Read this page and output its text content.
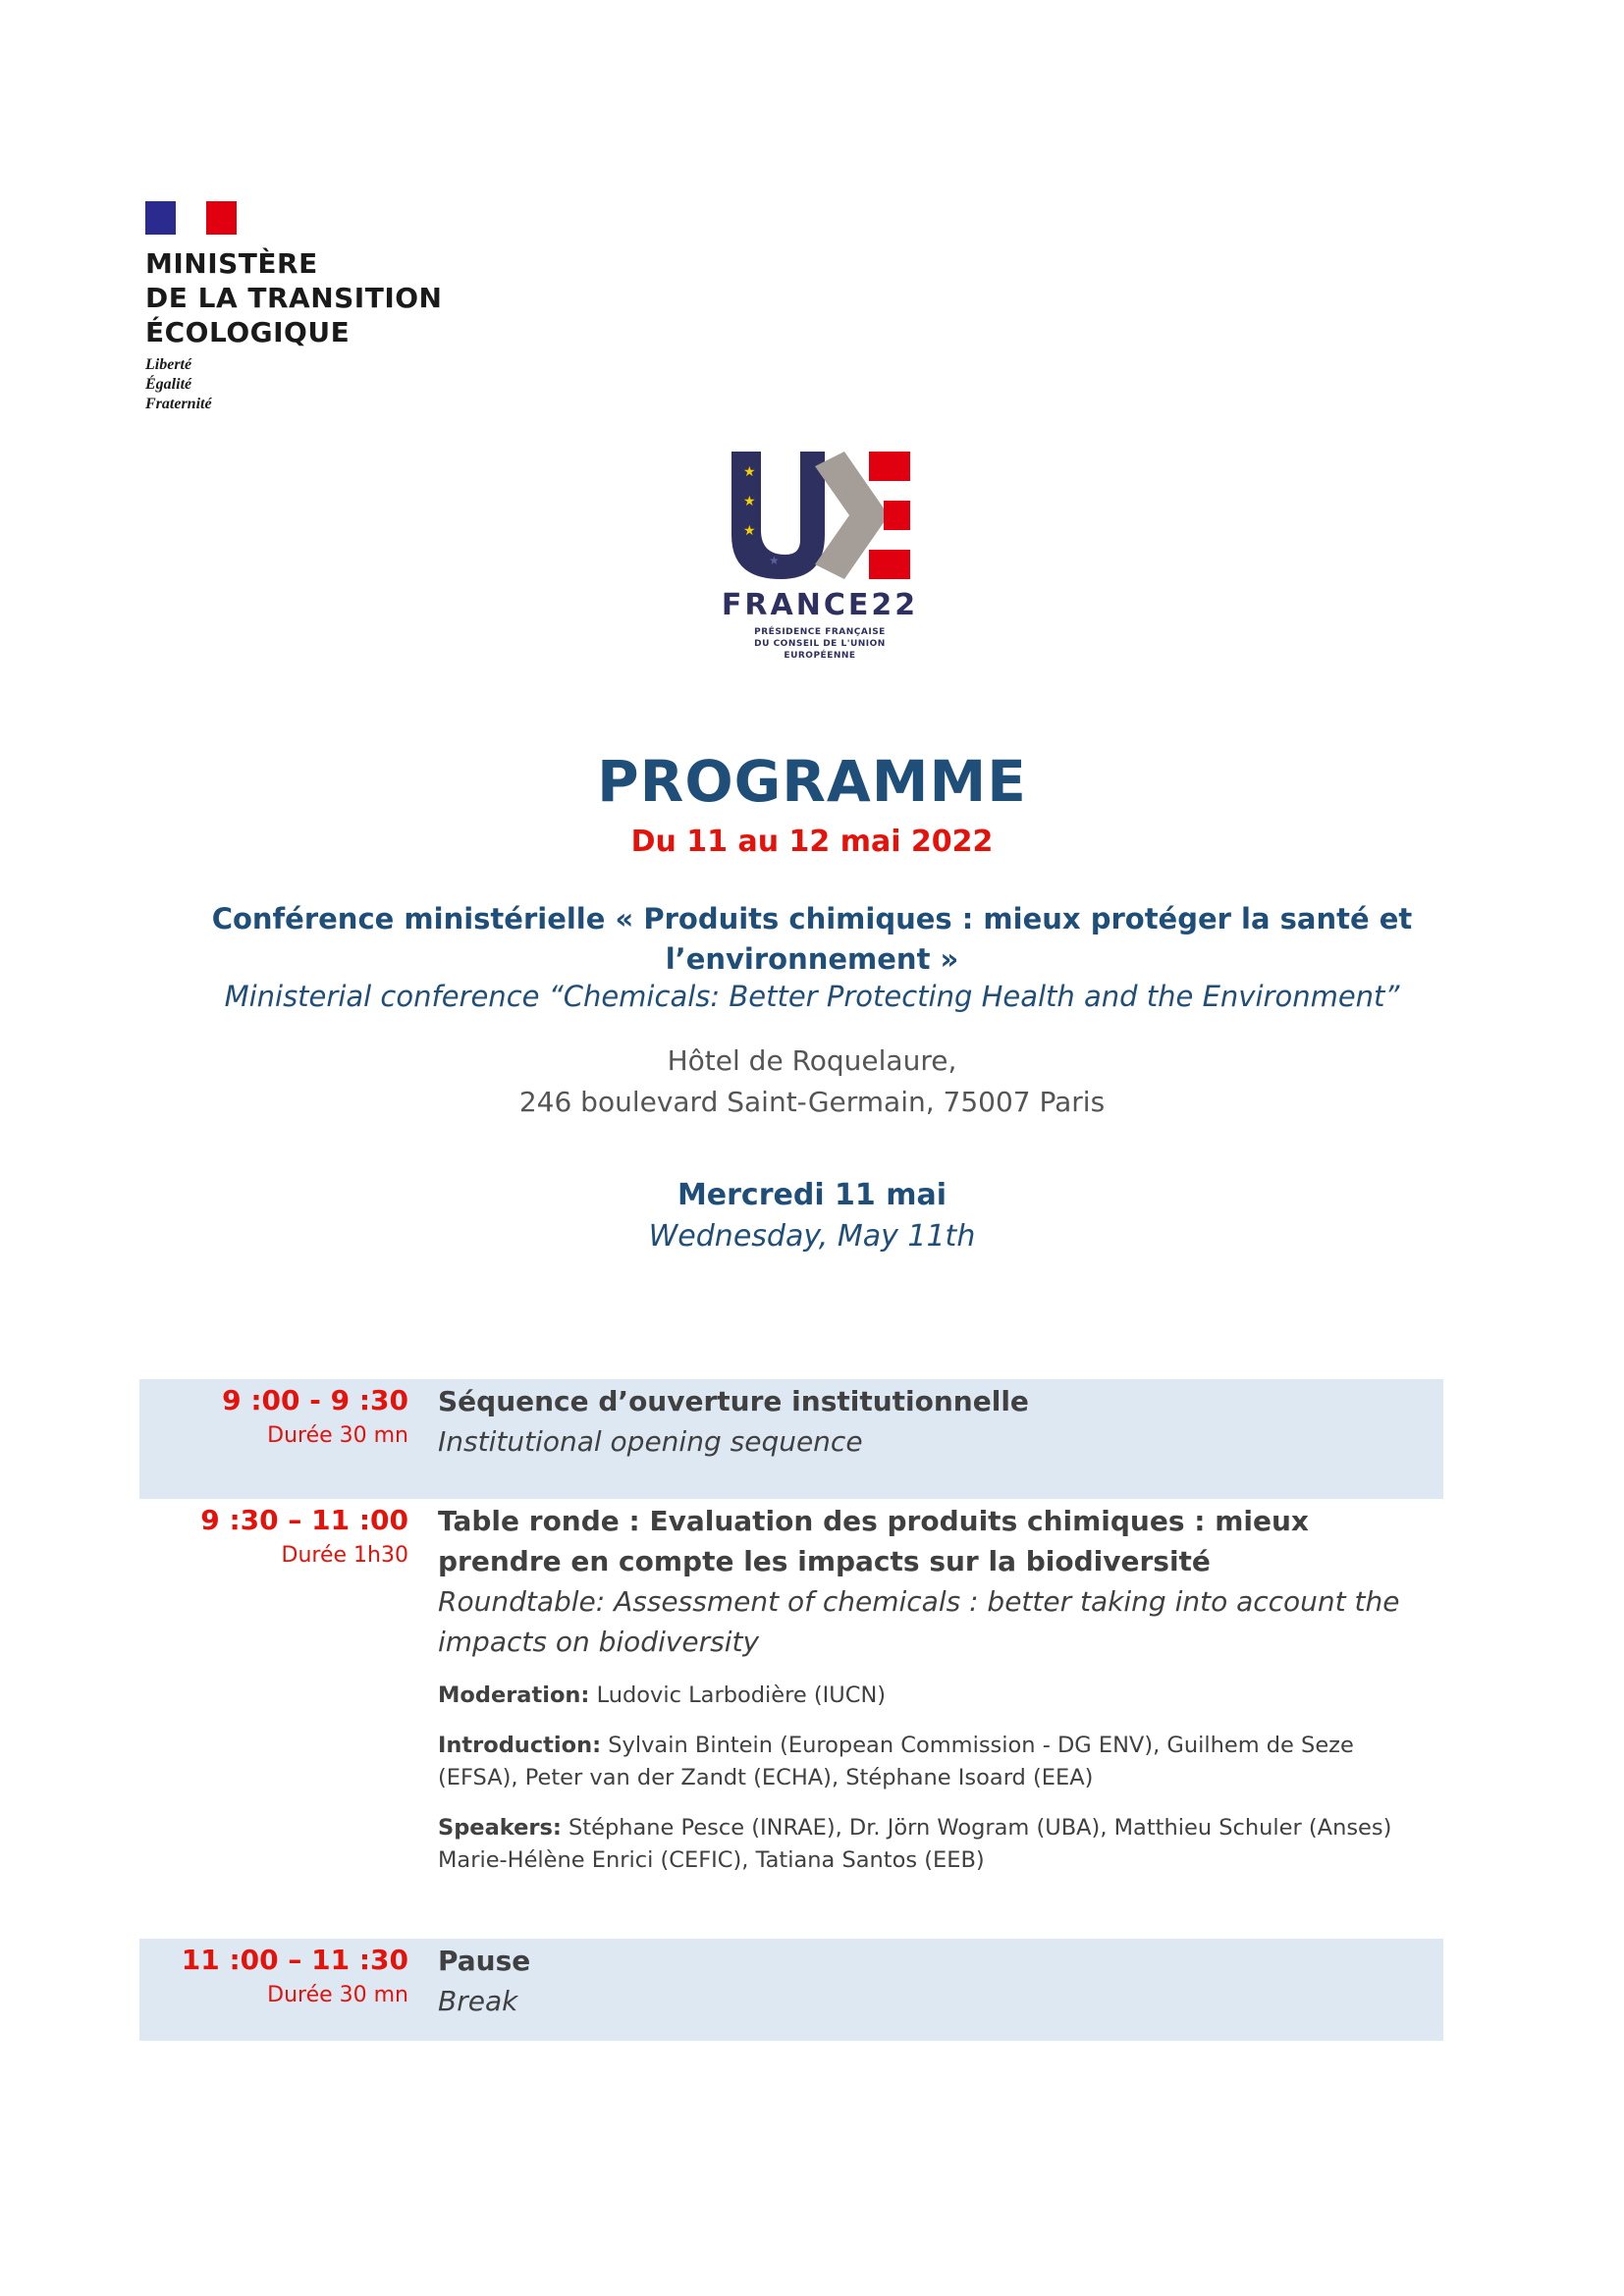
MINISTÈRE
DE LA TRANSITION
ÉCOLOGIQUE
Liberté
Égalité
Fraternité
★
★
★
★
FRANCE22
PRÉSIDENCE FRANÇAISE
DU CONSEIL DE L'UNION
EUROPÉENNE
PROGRAMME
Du 11 au 12 mai 2022
Conférence ministérielle « Produits chimiques : mieux protéger la santé et l’environnement »
Ministerial conference “Chemicals: Better Protecting Health and the Environment”
Hôtel de Roquelaure,
246 boulevard Saint-Germain, 75007 Paris
Mercredi 11 mai
Wednesday, May 11th
9 :00 - 9 :30
Durée 30 mn
Séquence d’ouverture institutionnelle
Institutional opening sequence
9 :30 – 11 :00
Durée 1h30
Table ronde : Evaluation des produits chimiques : mieux prendre en compte les impacts sur la biodiversité
Roundtable: Assessment of chemicals : better taking into account the impacts on biodiversity
Moderation: Ludovic Larbodière (IUCN)
Introduction: Sylvain Bintein (European Commission - DG ENV), Guilhem de Seze (EFSA), Peter van der Zandt (ECHA), Stéphane Isoard (EEA)
Speakers: Stéphane Pesce (INRAE), Dr. Jörn Wogram (UBA), Matthieu Schuler (Anses) Marie-Hélène Enrici (CEFIC), Tatiana Santos (EEB)
11 :00 – 11 :30
Durée 30 mn
Pause
Break
